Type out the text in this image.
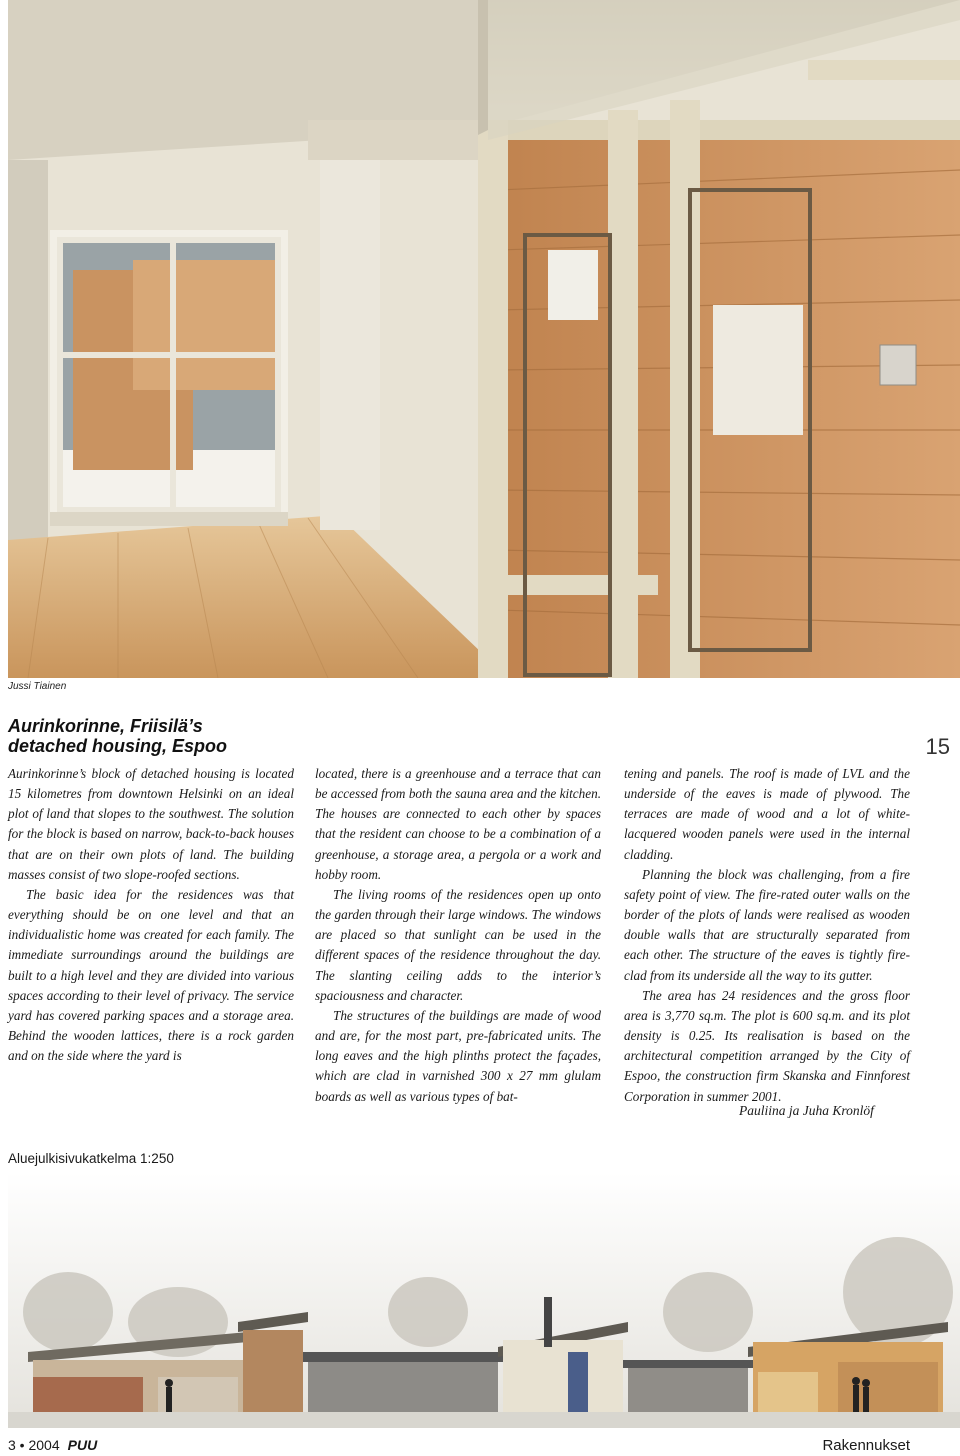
Jussi Tiainen
Aurinkorinne, Friisilä’s
detached housing, Espoo	15

Aurinkorinne’s block of detached housing is located 15 kilometres from downtown Helsinki on an ideal plot of land that slopes to the southwest. The solution for the block is based on narrow, back-to-back houses that are on their own plots of land. The building masses consist of two slope-roofed sections.

The basic idea for the residences was that everything should be on one level and that an individualistic home was created for each family. The immediate surroundings around the buildings are built to a high level and they are divided into various spaces according to their level of privacy. The service yard has covered parking spaces and a storage area. Behind the wooden lattices, there is a rock garden and on the side where the yard is

located, there is a greenhouse and a terrace that can be accessed from both the sauna area and the kitchen. The houses are connected to each other by spaces that the resident can choose to be a combination of a greenhouse, a storage area, a pergola or a work and hobby room.

The living rooms of the residences open up onto the garden through their large windows. The windows are placed so that sunlight can be used in the different spaces of the residence throughout the day. The slanting ceiling adds to the interior’s spaciousness and character.

The structures of the buildings are made of wood and are, for the most part, pre-fabricated units. The long eaves and the high plinths protect the façades, which are clad in varnished 300 x 27 mm glulam boards as well as various types of bat-

tening and panels. The roof is made of LVL and the underside of the eaves is made of plywood. The terraces are made of wood and a lot of white-lacquered wooden panels were used in the internal cladding.

Planning the block was challenging, from a fire safety point of view. The fire-rated outer walls on the border of the plots of lands were realised as wooden double walls that are structurally separated from each other. The structure of the eaves is tightly fire-clad from its underside all the way to its gutter.

The area has 24 residences and the gross floor area is 3,770 sq.m. The plot is 600 sq.m. and its plot density is 0.25. Its realisation is based on the architectural competition arranged by the City of Espoo, the construction firm Skanska and Finnforest Corporation in summer 2001.

Pauliina ja Juha Kronlöf
Aluejulkisivukatkelma 1:250
3 • 2004 PUU	Rakennukset
